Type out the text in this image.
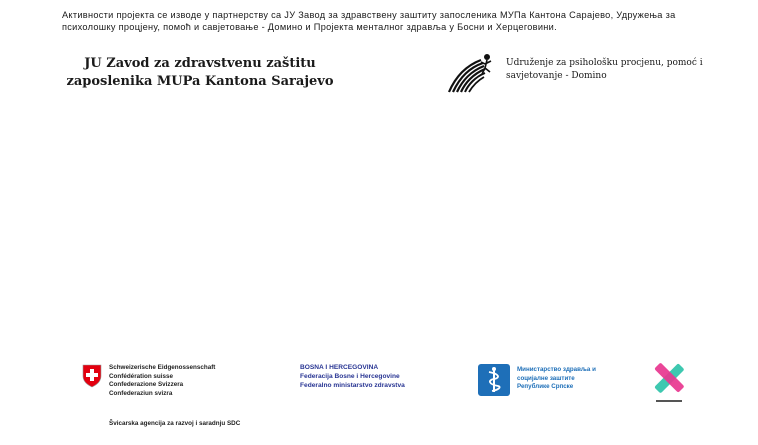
Активности пројекта се изводе у партнерству са ЈУ Завод за здравствену заштиту запосленика МУПа Кантона Сарајево, Удружења за
психолошку процјену, помоћ и савјетовање - Домино и Пројекта менталног здравља у Босни и Херцеговини.
JU Zavod za zdravstvenu zaštitu
zaposlenika MUPa Kantona Sarajevo
Udruženje za psihološku procjenu, pomoć i
savjetovanje - Domino
Schweizerische Eidgenossenschaft
Confédération suisse
Confederazione Svizzera
Confederaziun svizra
Švicarska agencija za razvoj i saradnju SDC
BOSNA I HERCEGOVINA
Federacija Bosne i Hercegovine
Federalno ministarstvo zdravstva
Министарство здравља и
социјалне заштите
Републике Српске
